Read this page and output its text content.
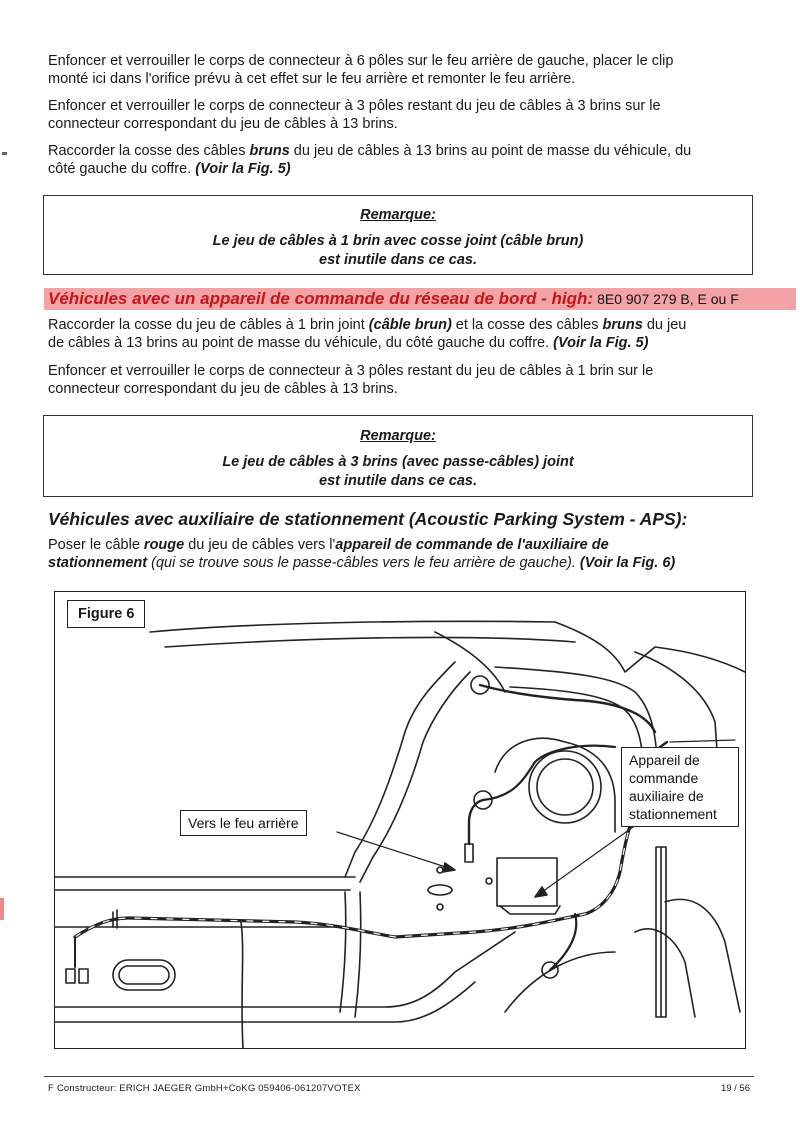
Enfoncer et verrouiller le corps de connecteur à 6 pôles sur le feu arrière de gauche, placer le clip
monté ici dans l'orifice prévu à cet effet sur le feu arrière et remonter le feu arrière.
Enfoncer et verrouiller le corps de connecteur à 3 pôles restant du jeu de câbles à 3 brins sur le
connecteur correspondant du jeu de câbles à 13 brins.
Raccorder la cosse des câbles bruns du jeu de câbles à 13 brins au point de masse du véhicule, du
côté gauche du coffre. (Voir la Fig. 5)
Remarque:
Le jeu de câbles à 1 brin avec cosse joint (câble brun)
est inutile dans ce cas.
Véhicules avec un appareil de commande du réseau de bord - high: 8E0 907 279 B, E ou F
Raccorder la cosse du jeu de câbles à 1 brin joint (câble brun) et la cosse des câbles bruns du jeu
de câbles à 13 brins au point de masse du véhicule, du côté gauche du coffre. (Voir la Fig. 5)
Enfoncer et verrouiller le corps de connecteur à 3 pôles restant du jeu de câbles à 1 brin sur le
connecteur correspondant du jeu de câbles à 13 brins.
Remarque:
Le jeu de câbles à 3 brins (avec passe-câbles) joint
est inutile dans ce cas.
Véhicules avec auxiliaire de stationnement (Acoustic Parking System - APS):
Poser le câble rouge du jeu de câbles vers l'appareil de commande de l'auxiliaire de
stationnement (qui se trouve sous le passe-câbles vers le feu arrière de gauche). (Voir la Fig. 6)
Figure 6
Vers le feu arrière
Appareil de
commande
auxiliaire de
stationnement
F Constructeur: ERICH JAEGER GmbH+CoKG 059406-061207VOTEX	19 / 56
